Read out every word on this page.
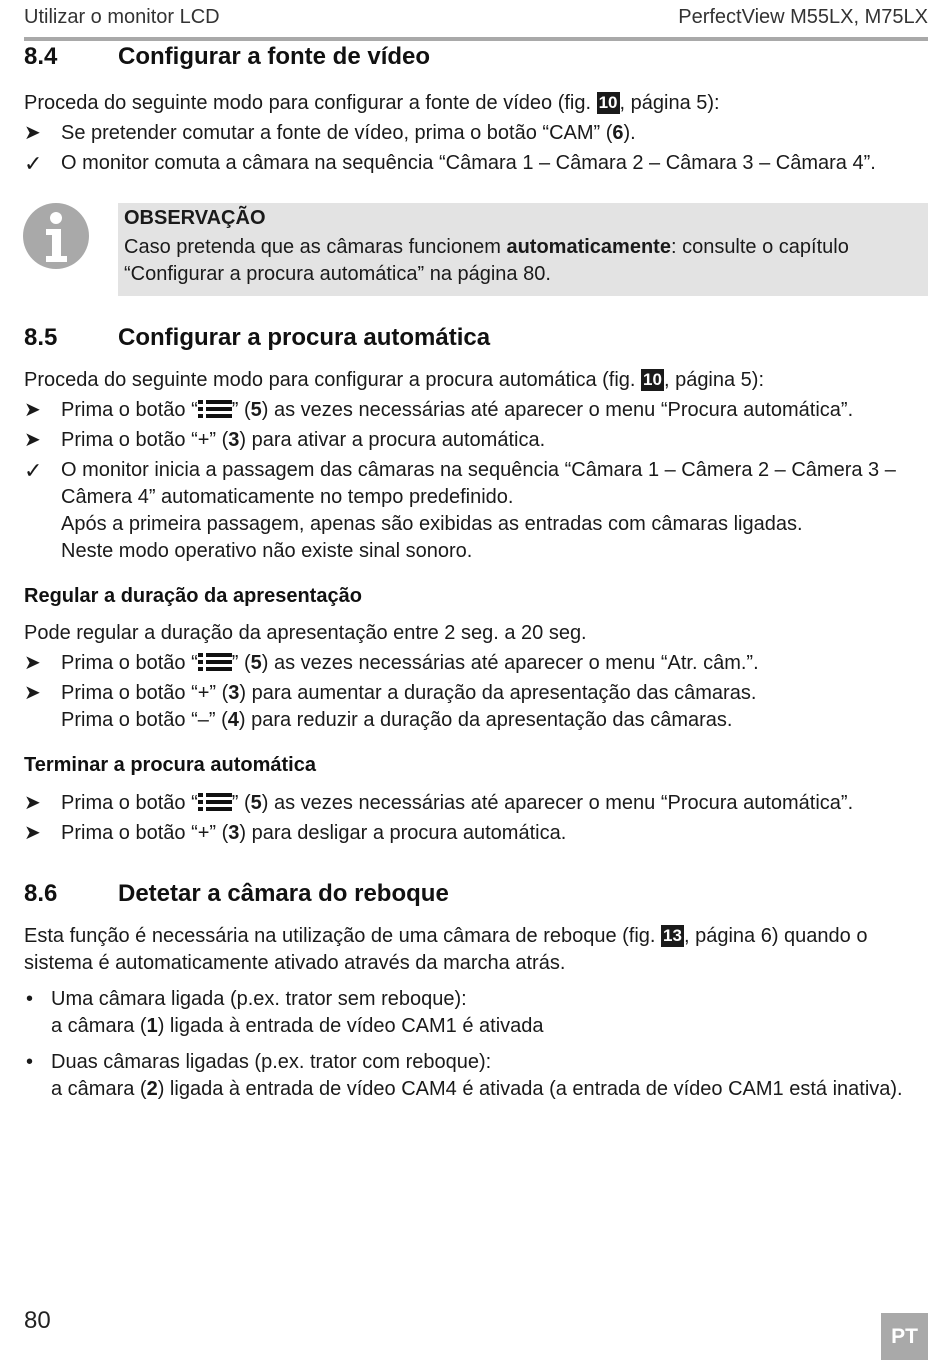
Utilizar o monitor LCD	PerfectView M55LX, M75LX
8.4	Configurar a fonte de vídeo
Proceda do seguinte modo para configurar a fonte de vídeo (fig. 10 , página 5):
➤
Se pretender comutar a fonte de vídeo, prima o botão “CAM” (6).
✓
O monitor comuta a câmara na sequência “Câmara 1 – Câmara 2 – Câmara 3 – Câmara 4”.
OBSERVAÇÃO
Caso pretenda que as câmaras funcionem automaticamente: consulte o capítulo “Configurar a procura automática” na página 80.
8.5	Configurar a procura automática
Proceda do seguinte modo para configurar a procura automática (fig. 10 , página 5):
➤
Prima o botão “ ” (5) as vezes necessárias até aparecer o menu “Procura automática”.
➤
Prima o botão “+” (3) para ativar a procura automática.
✓
O monitor inicia a passagem das câmaras na sequência “Câmara 1 – Câmera 2 – Câmera 3 – Câmera 4” automaticamente no tempo predefinido.
Após a primeira passagem, apenas são exibidas as entradas com câmaras ligadas.
Neste modo operativo não existe sinal sonoro.
Regular a duração da apresentação
Pode regular a duração da apresentação entre 2 seg. a 20 seg.
➤
Prima o botão “ ” (5) as vezes necessárias até aparecer o menu “Atr. câm.”.
➤
Prima o botão “+” (3) para aumentar a duração da apresentação das câmaras.
Prima o botão “–” (4) para reduzir a duração da apresentação das câmaras.
Terminar a procura automática
➤
Prima o botão “ ” (5) as vezes necessárias até aparecer o menu “Procura automática”.
➤
Prima o botão “+” (3) para desligar a procura automática.
8.6	Detetar a câmara do reboque
Esta função é necessária na utilização de uma câmara de reboque (fig. 13 , página 6) quando o sistema é automaticamente ativado através da marcha atrás.
• Uma câmara ligada (p.ex. trator sem reboque):
a câmara (1) ligada à entrada de vídeo CAM1 é ativada
• Duas câmaras ligadas (p.ex. trator com reboque):
a câmara (2) ligada à entrada de vídeo CAM4 é ativada (a entrada de vídeo CAM1 está inativa).
80
PT
